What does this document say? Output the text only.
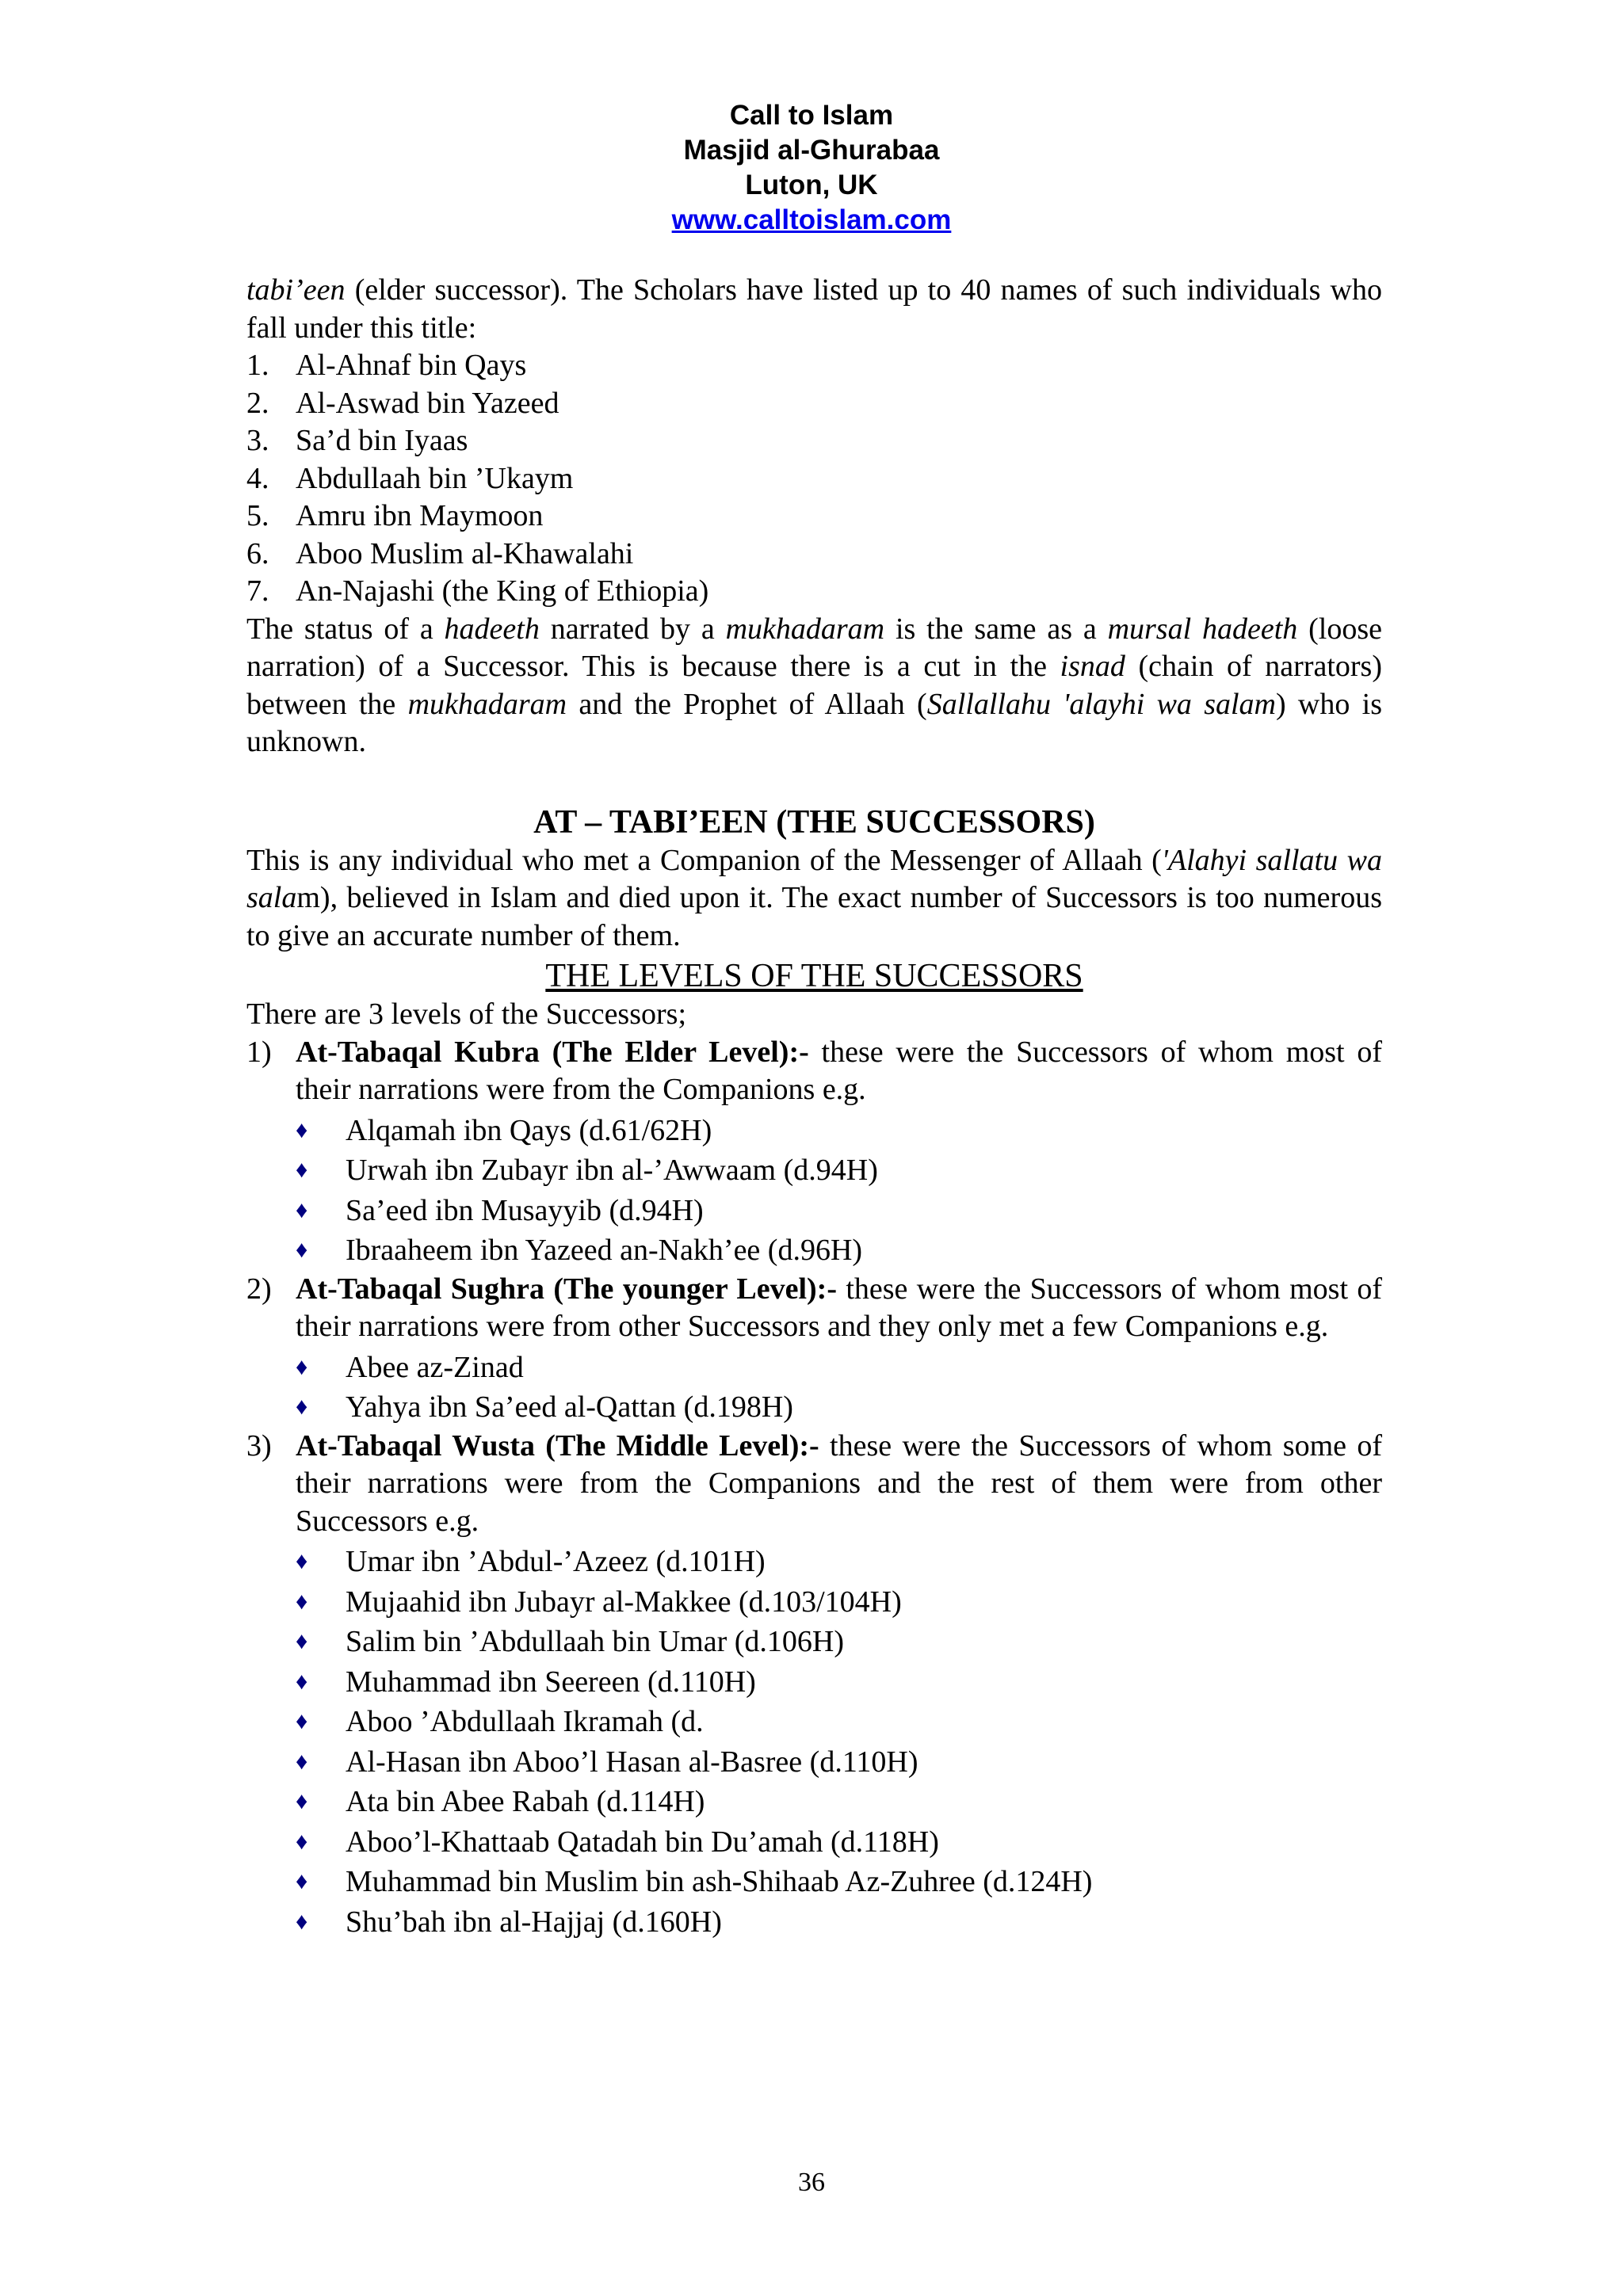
Call to Islam
Masjid al-Ghurabaa
Luton, UK
www.calltoislam.com

tabi’een (elder successor). The Scholars have listed up to 40 names of such individuals who fall under this title:

1. Al-Ahnaf bin Qays
2. Al-Aswad bin Yazeed
3. Sa’d bin Iyaas
4. Abdullaah bin ’Ukaym
5. Amru ibn Maymoon
6. Aboo Muslim al-Khawalahi
7. An-Najashi (the King of Ethiopia)

The status of a hadeeth narrated by a mukhadaram is the same as a mursal hadeeth (loose narration) of a Successor. This is because there is a cut in the isnad (chain of narrators) between the mukhadaram and the Prophet of Allaah (Sallallahu 'alayhi wa salam) who is unknown.

AT – TABI’EEN (THE SUCCESSORS)

This is any individual who met a Companion of the Messenger of Allaah ('Alahyi sallatu wa salam), believed in Islam and died upon it. The exact number of Successors is too numerous to give an accurate number of them.

THE LEVELS OF THE SUCCESSORS

There are 3 levels of the Successors;

1) At-Tabaqal Kubra (The Elder Level):- these were the Successors of whom most of their narrations were from the Companions e.g.
♦	Alqamah ibn Qays (d.61/62H)
♦	Urwah ibn Zubayr ibn al-’Awwaam (d.94H)
♦	Sa’eed ibn Musayyib (d.94H)
♦	Ibraaheem ibn Yazeed an-Nakh’ee (d.96H)
2) At-Tabaqal Sughra (The younger Level):- these were the Successors of whom most of their narrations were from other Successors and they only met a few Companions e.g.
♦	Abee az-Zinad
♦	Yahya ibn Sa’eed al-Qattan (d.198H)
3) At-Tabaqal Wusta (The Middle Level):- these were the Successors of whom some of their narrations were from the Companions and the rest of them were from other Successors e.g.
♦	Umar ibn ’Abdul-’Azeez (d.101H)
♦	Mujaahid ibn Jubayr al-Makkee (d.103/104H)
♦	Salim bin ’Abdullaah bin Umar (d.106H)
♦	Muhammad ibn Seereen (d.110H)
♦	Aboo ’Abdullaah Ikramah (d.
♦	Al-Hasan ibn Aboo’l Hasan al-Basree (d.110H)
♦	Ata bin Abee Rabah (d.114H)
♦	Aboo’l-Khattaab Qatadah bin Du’amah (d.118H)
♦	Muhammad bin Muslim bin ash-Shihaab Az-Zuhree (d.124H)
♦	Shu’bah ibn al-Hajjaj (d.160H)
36
